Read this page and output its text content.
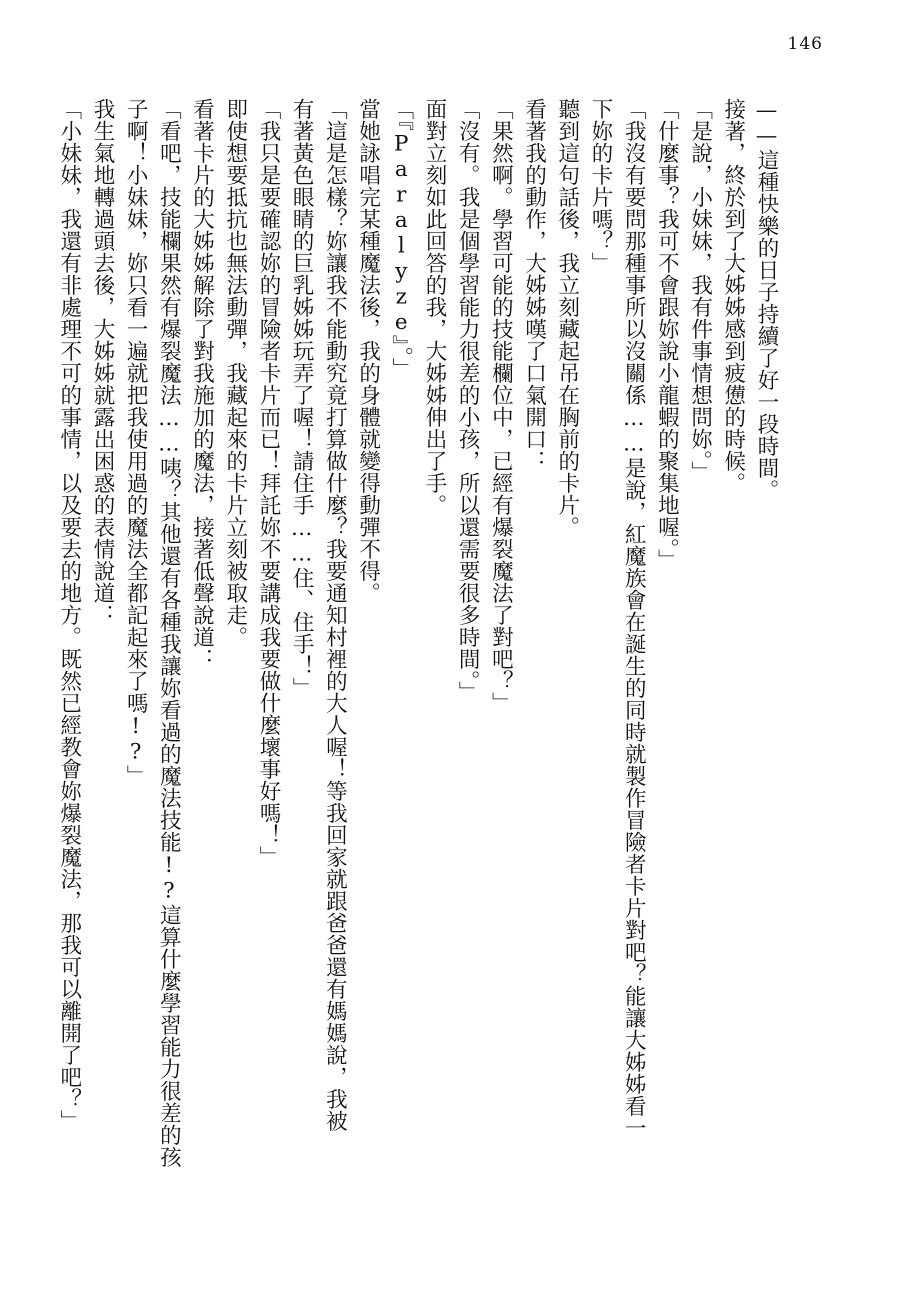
146

——這種快樂的日子持續了好一段時間。

接著，終於到了大姊姊感到疲憊的時候。

「是說，小妹妹，我有件事情想問妳。」

「什麼事？我可不會跟妳說小龍蝦的聚集地喔。」

「我沒有要問那種事所以沒關係……是說，紅魔族會在誕生的同時就製作冒險者卡片對吧？能讓大姊姊看一

下妳的卡片嗎？」

聽到這句話後，我立刻藏起吊在胸前的卡片。

看著我的動作，大姊姊嘆了口氣開口：

「果然啊。學習可能的技能欄位中，已經有爆裂魔法了對吧？」

「沒有。我是個學習能力很差的小孩，所以還需要很多時間。」

面對立刻如此回答的我，大姊姊伸出了手。

「『Paralyze』。」

當她詠唱完某種魔法後，我的身體就變得動彈不得。

「這是怎樣？妳讓我不能動究竟打算做什麼？我要通知村裡的大人喔！等我回家就跟爸爸還有媽媽說，我被

有著黃色眼睛的巨乳姊姊玩弄了喔！請住手……住、住手！」

「我只是要確認妳的冒險者卡片而已！拜託妳不要講成我要做什麼壞事好嗎！」

即使想要抵抗也無法動彈，我藏起來的卡片立刻被取走。

看著卡片的大姊姊解除了對我施加的魔法，接著低聲說道：

「看吧，技能欄果然有爆裂魔法……咦？其他還有各種我讓妳看過的魔法技能!?這算什麼學習能力很差的孩

子啊！小妹妹，妳只看一遍就把我使用過的魔法全都記起來了嗎!?」

我生氣地轉過頭去後，大姊姊就露出困惑的表情說道：

「小妹妹，我還有非處理不可的事情，以及要去的地方。既然已經教會妳爆裂魔法，那我可以離開了吧？」
